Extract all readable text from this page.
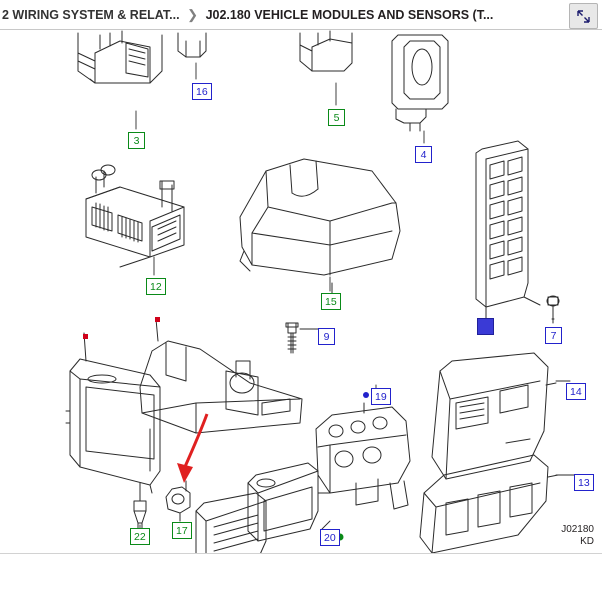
2 WIRING SYSTEM & RELAT... ❯ J02.180 VEHICLE MODULES AND SENSORS (T...
3
16
5
4
12
15
9	7
19	14
13
22	17
20
J02180
KD
